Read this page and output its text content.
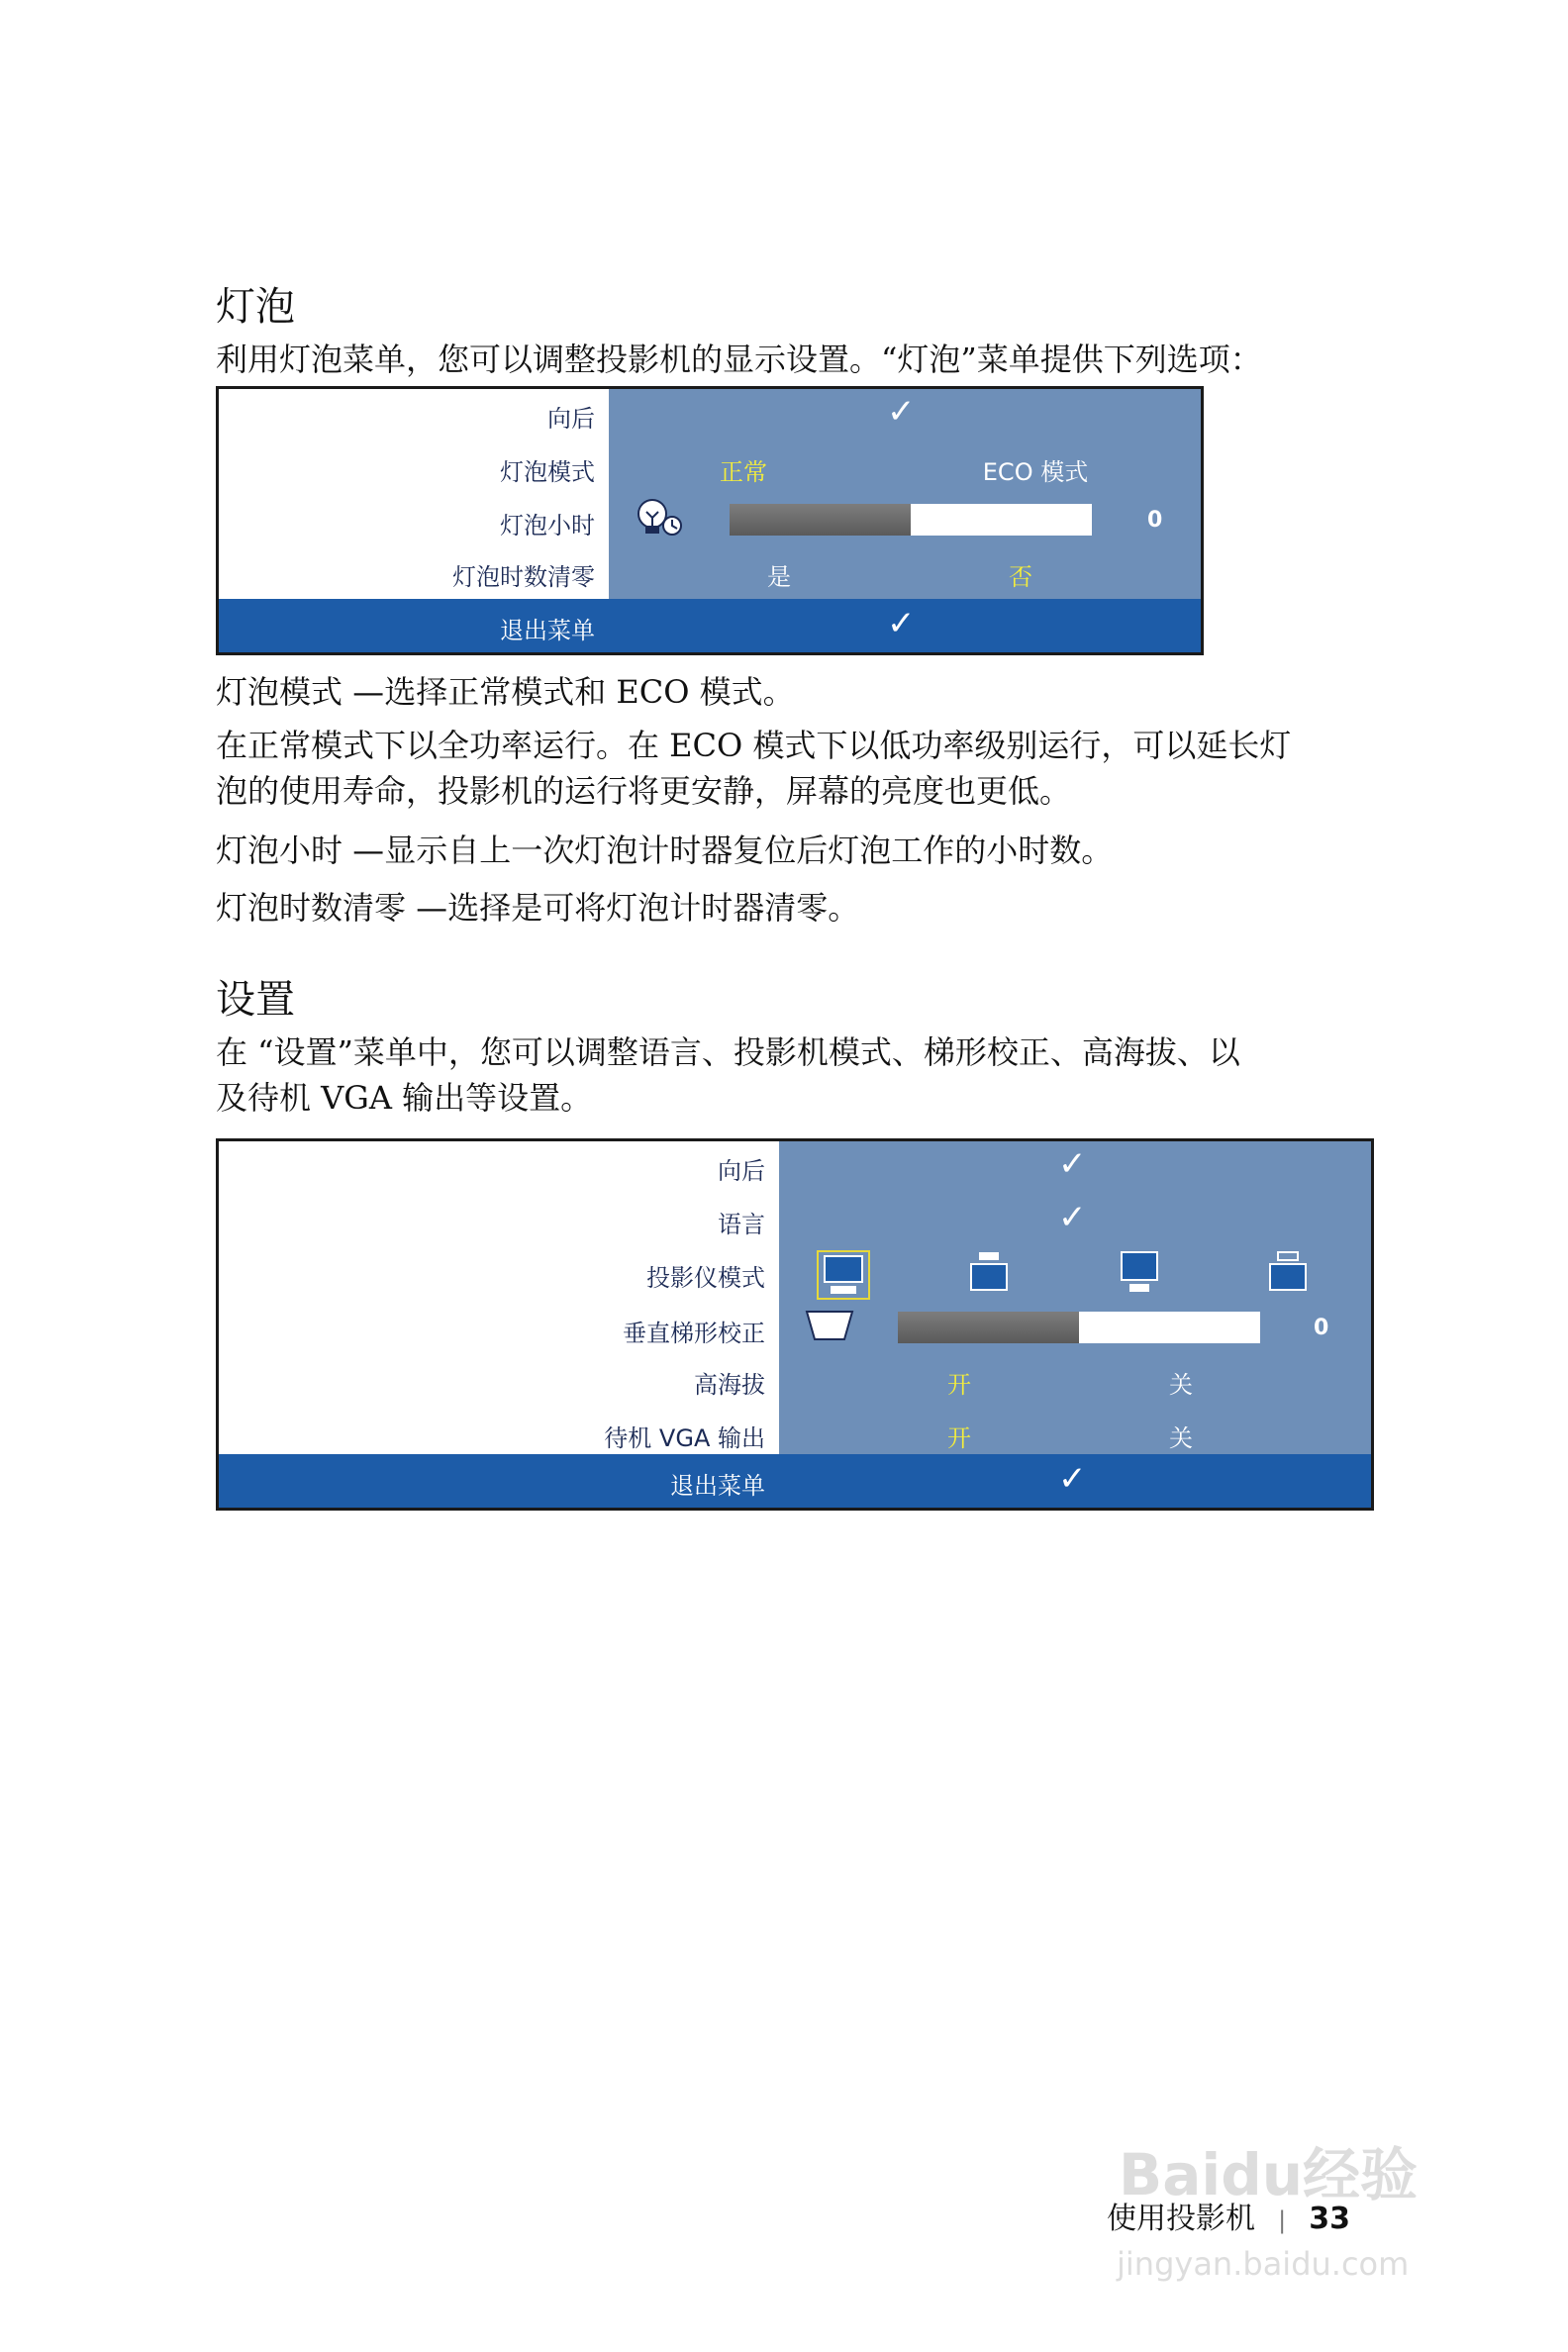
灯泡

利用灯泡菜单，您可以调整投影机的显示设置。“灯泡”菜单提供下列选项：

向后	✓
灯泡模式	正常	ECO 模式
灯泡小时	0
灯泡时数清零	是	否
退出菜单	✓

灯泡模式 —选择正常模式和 ECO 模式。

在正常模式下以全功率运行。在 ECO 模式下以低功率级别运行，可以延长灯
泡的使用寿命，投影机的运行将更安静，屏幕的亮度也更低。

灯泡小时 —显示自上一次灯泡计时器复位后灯泡工作的小时数。

灯泡时数清零 —选择是可将灯泡计时器清零。

设置

在 “设置”菜单中，您可以调整语言、投影机模式、梯形校正、高海拔、以
及待机 VGA 输出等设置。

向后	✓
语言	✓
投影仪模式
垂直梯形校正	0
高海拔	开	关
待机 VGA 输出	开	关
退出菜单	✓
使用投影机 | 33
Baidu经验
jingyan.baidu.com
